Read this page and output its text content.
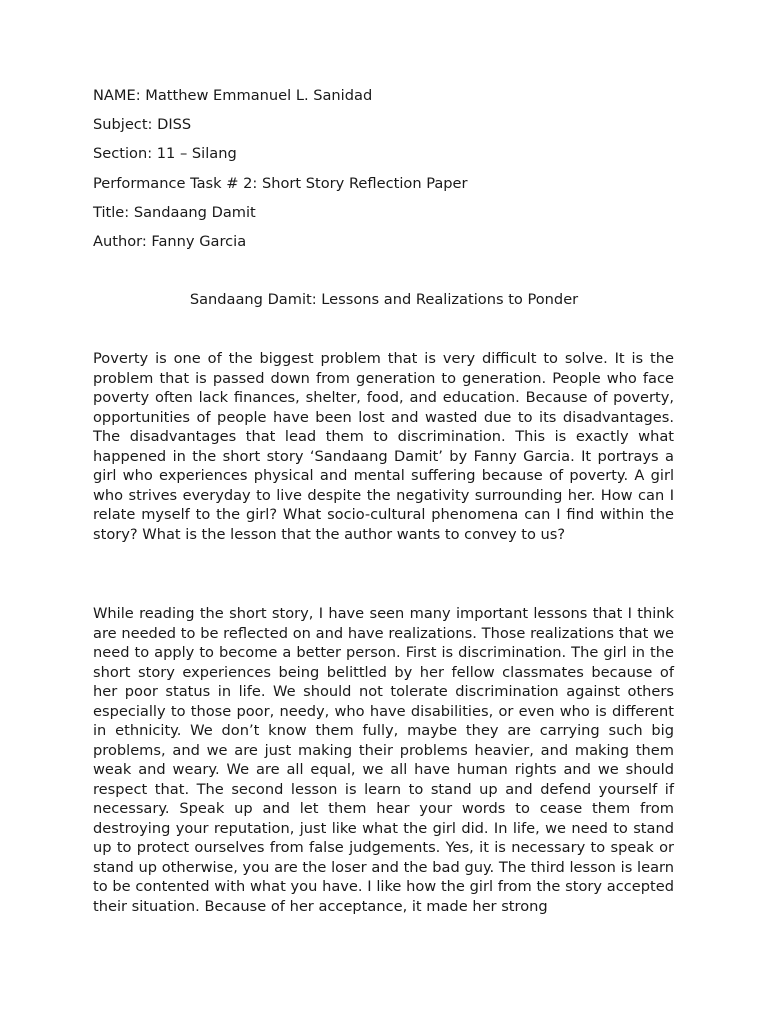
NAME: Matthew Emmanuel L. Sanidad
Subject: DISS
Section: 11 – Silang
Performance Task # 2: Short Story Reflection Paper
Title: Sandaang Damit
Author: Fanny Garcia
Sandaang Damit: Lessons and Realizations to Ponder

Poverty is one of the biggest problem that is very difficult to solve. It is the problem that is passed down from generation to generation. People who face poverty often lack finances, shelter, food, and education. Because of poverty, opportunities of people have been lost and wasted due to its disadvantages. The disadvantages that lead them to discrimination. This is exactly what happened in the short story ‘Sandaang Damit’ by Fanny Garcia. It portrays a girl who experiences physical and mental suffering because of poverty. A girl who strives everyday to live despite the negativity surrounding her. How can I relate myself to the girl? What socio-cultural phenomena can I find within the story? What is the lesson that the author wants to convey to us?

While reading the short story, I have seen many important lessons that I think are needed to be reflected on and have realizations. Those realizations that we need to apply to become a better person. First is discrimination. The girl in the short story experiences being belittled by her fellow classmates because of her poor status in life. We should not tolerate discrimination against others especially to those poor, needy, who have disabilities, or even who is different in ethnicity. We don’t know them fully, maybe they are carrying such big problems, and we are just making their problems heavier, and making them weak and weary. We are all equal, we all have human rights and we should respect that. The second lesson is learn to stand up and defend yourself if necessary. Speak up and let them hear your words to cease them from destroying your reputation, just like what the girl did. In life, we need to stand up to protect ourselves from false judgements. Yes, it is necessary to speak or stand up otherwise, you are the loser and the bad guy. The third lesson is learn to be contented with what you have. I like how the girl from the story accepted their situation. Because of her acceptance, it made her strong
